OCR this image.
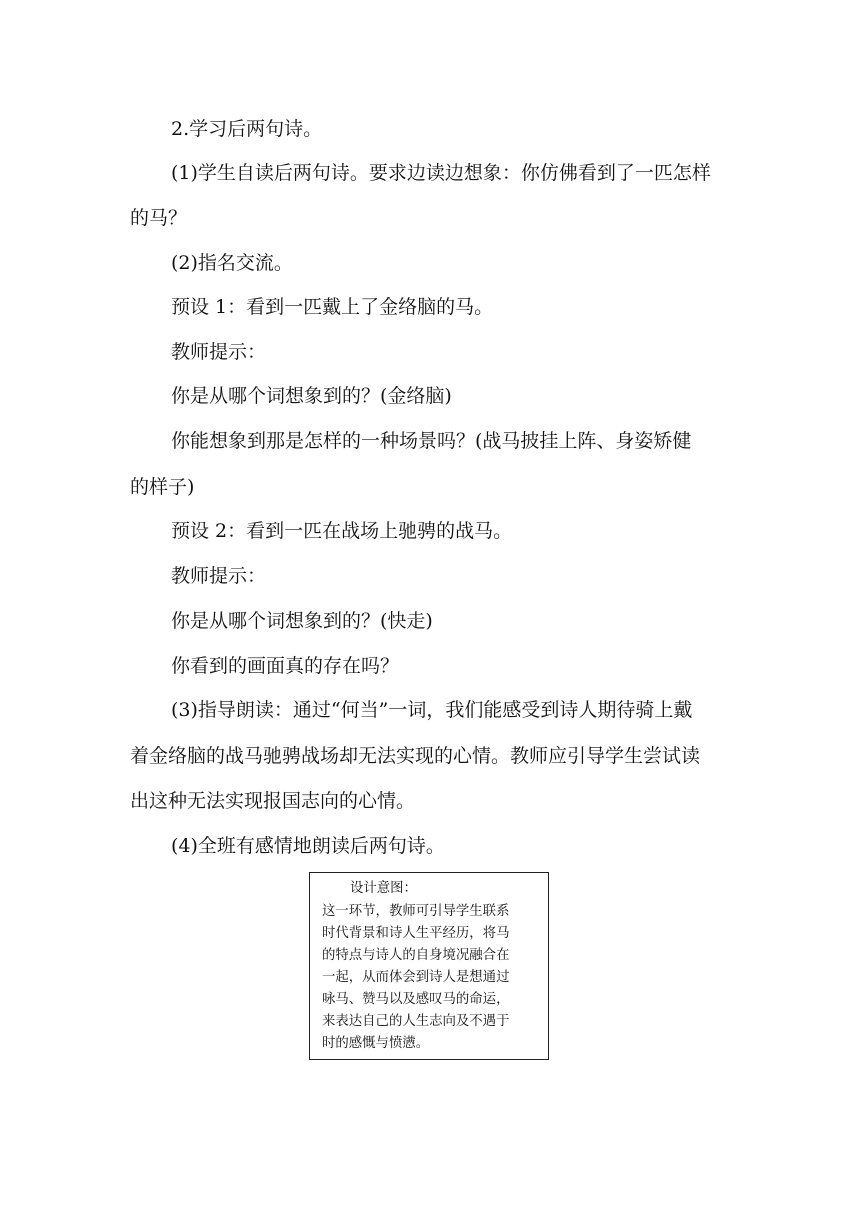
2.学习后两句诗。
(1)学生自读后两句诗。要求边读边想象：你仿佛看到了一匹怎样
的马？
(2)指名交流。
预设 1：看到一匹戴上了金络脑的马。
教师提示：
你是从哪个词想象到的？(金络脑)
你能想象到那是怎样的一种场景吗？(战马披挂上阵、身姿矫健
的样子)
预设 2：看到一匹在战场上驰骋的战马。
教师提示：
你是从哪个词想象到的？(快走)
你看到的画面真的存在吗？
(3)指导朗读：通过“何当”一词，我们能感受到诗人期待骑上戴
着金络脑的战马驰骋战场却无法实现的心情。教师应引导学生尝试读
出这种无法实现报国志向的心情。
(4)全班有感情地朗读后两句诗。
设计意图：
这一环节，教师可引导学生联系
时代背景和诗人生平经历，将马
的特点与诗人的自身境况融合在
一起，从而体会到诗人是想通过
咏马、赞马以及感叹马的命运，
来表达自己的人生志向及不遇于
时的感慨与愤懑。
